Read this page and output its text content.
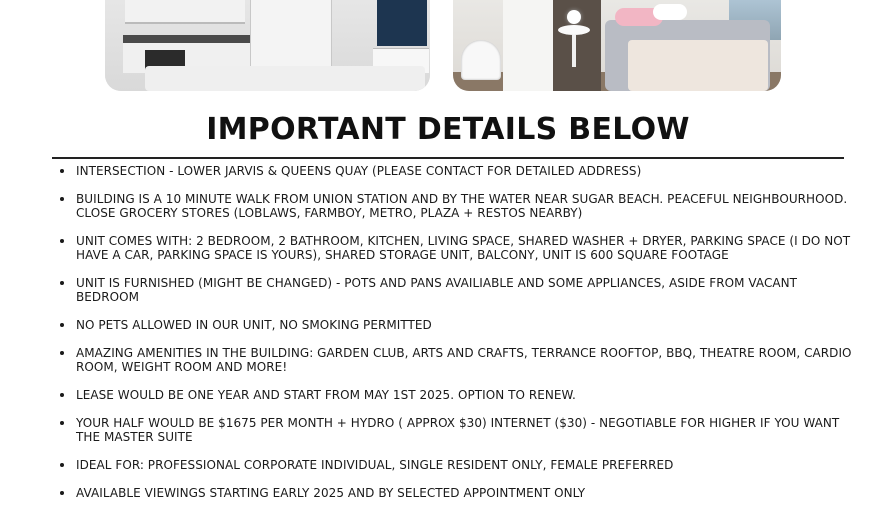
IMPORTANT DETAILS BELOW
INTERSECTION - LOWER JARVIS & QUEENS QUAY (PLEASE CONTACT FOR DETAILED ADDRESS)
BUILDING IS A 10 MINUTE WALK FROM UNION STATION AND BY THE WATER NEAR SUGAR BEACH. PEACEFUL NEIGHBOURHOOD. CLOSE GROCERY STORES (LOBLAWS, FARMBOY, METRO, PLAZA + RESTOS NEARBY)
UNIT COMES WITH: 2 BEDROOM, 2 BATHROOM, KITCHEN, LIVING SPACE, SHARED WASHER + DRYER, PARKING SPACE (I DO NOT HAVE A CAR, PARKING SPACE IS YOURS), SHARED STORAGE UNIT, BALCONY, UNIT IS 600 SQUARE FOOTAGE
UNIT IS FURNISHED (MIGHT BE CHANGED) - POTS AND PANS AVAILIABLE AND SOME APPLIANCES, ASIDE FROM VACANT BEDROOM
NO PETS ALLOWED IN OUR UNIT, NO SMOKING PERMITTED
AMAZING AMENITIES IN THE BUILDING: GARDEN CLUB, ARTS AND CRAFTS, TERRANCE ROOFTOP, BBQ, THEATRE ROOM, CARDIO ROOM, WEIGHT ROOM AND MORE!
LEASE WOULD BE ONE YEAR AND START FROM MAY 1ST 2025. OPTION TO RENEW.
YOUR HALF WOULD BE $1675 PER MONTH + HYDRO ( APPROX $30) INTERNET ($30) - NEGOTIABLE FOR HIGHER IF YOU WANT THE MASTER SUITE
IDEAL FOR: PROFESSIONAL CORPORATE INDIVIDUAL, SINGLE RESIDENT ONLY, FEMALE PREFERRED
AVAILABLE VIEWINGS STARTING EARLY 2025 AND BY SELECTED APPOINTMENT ONLY
